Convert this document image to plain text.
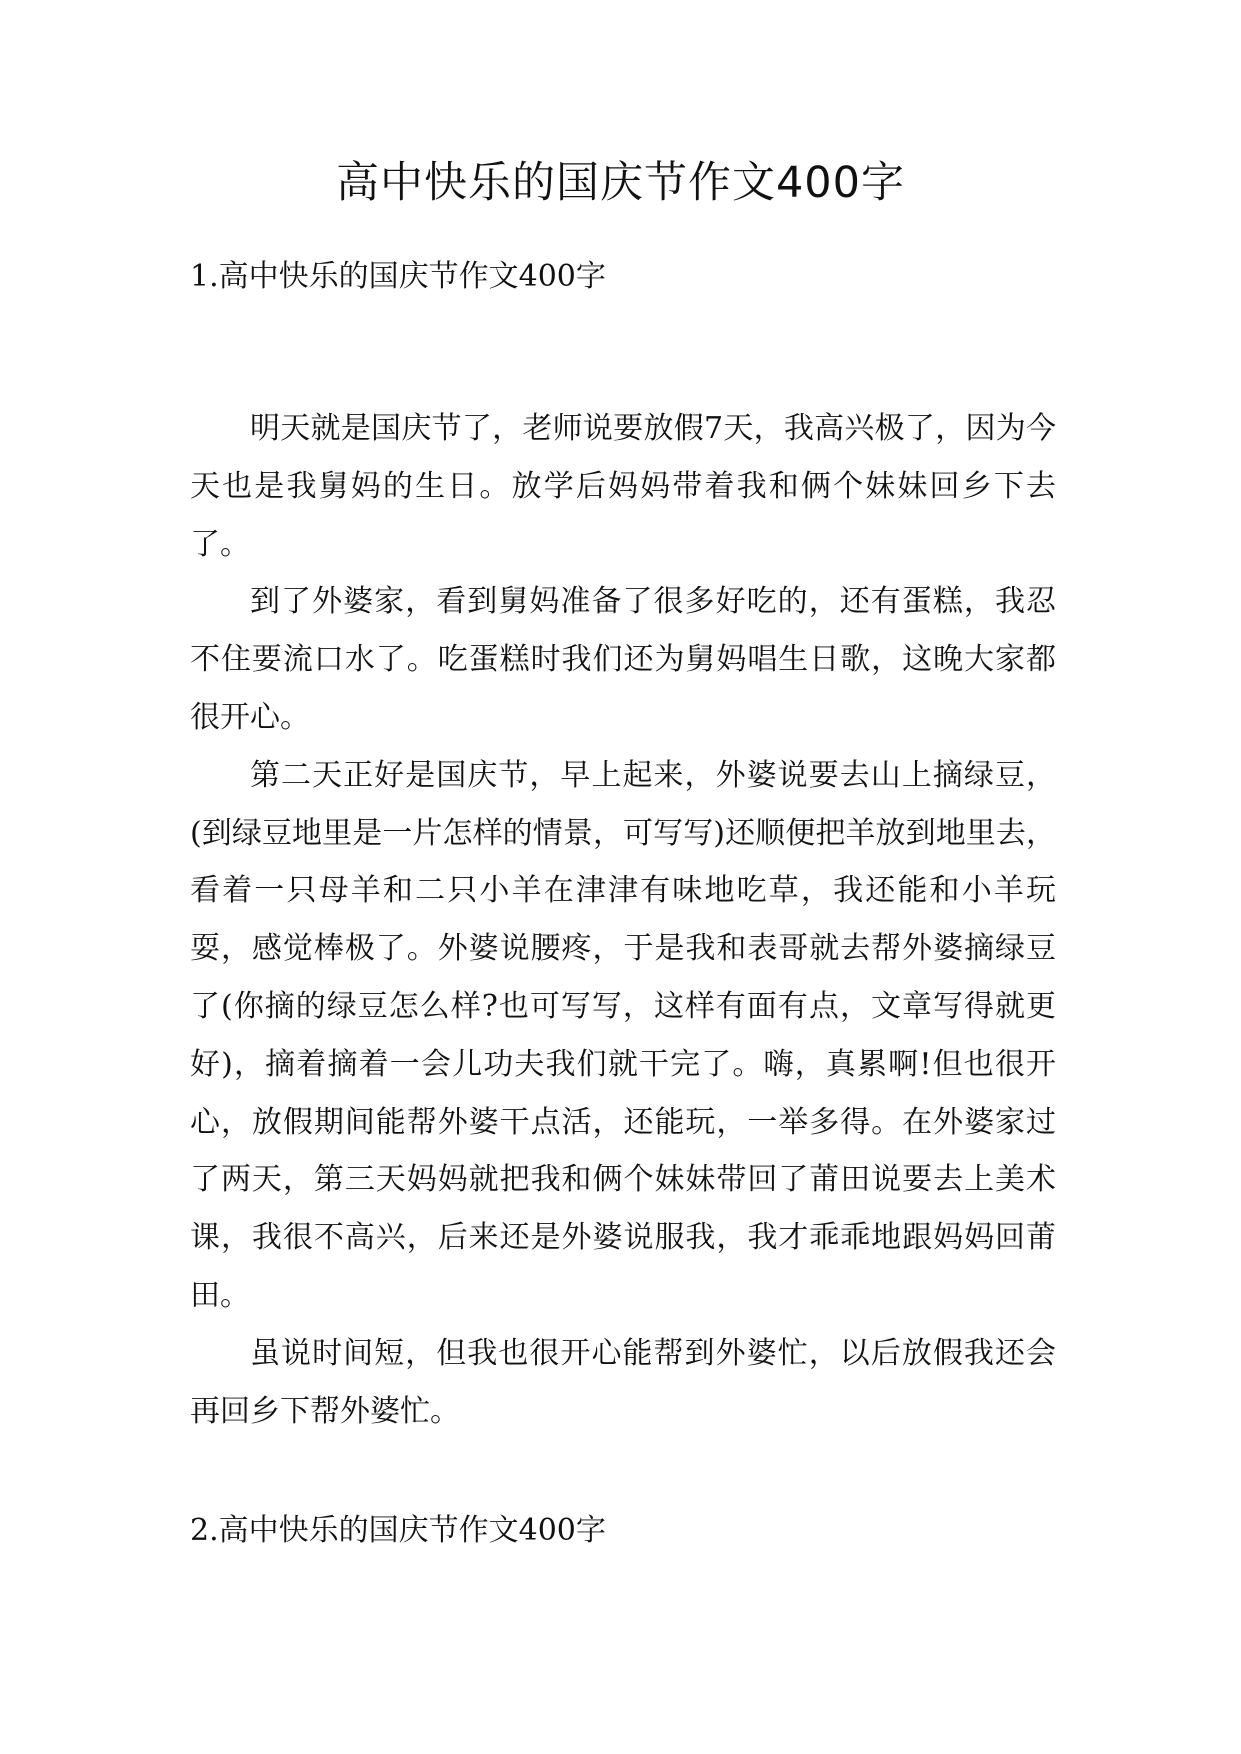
高中快乐的国庆节作文400字
1.高中快乐的国庆节作文400字

明天就是国庆节了，老师说要放假7天，我高兴极了，因为今天也是我舅妈的生日。放学后妈妈带着我和俩个妹妹回乡下去了。

到了外婆家，看到舅妈准备了很多好吃的，还有蛋糕，我忍不住要流口水了。吃蛋糕时我们还为舅妈唱生日歌，这晚大家都很开心。

第二天正好是国庆节，早上起来，外婆说要去山上摘绿豆，(到绿豆地里是一片怎样的情景，可写写)还顺便把羊放到地里去，看着一只母羊和二只小羊在津津有味地吃草，我还能和小羊玩耍，感觉棒极了。外婆说腰疼，于是我和表哥就去帮外婆摘绿豆了(你摘的绿豆怎么样?也可写写，这样有面有点，文章写得就更好)，摘着摘着一会儿功夫我们就干完了。嗨，真累啊!但也很开心，放假期间能帮外婆干点活，还能玩，一举多得。在外婆家过了两天，第三天妈妈就把我和俩个妹妹带回了莆田说要去上美术课，我很不高兴，后来还是外婆说服我，我才乖乖地跟妈妈回莆田。

虽说时间短，但我也很开心能帮到外婆忙，以后放假我还会再回乡下帮外婆忙。

2.高中快乐的国庆节作文400字
